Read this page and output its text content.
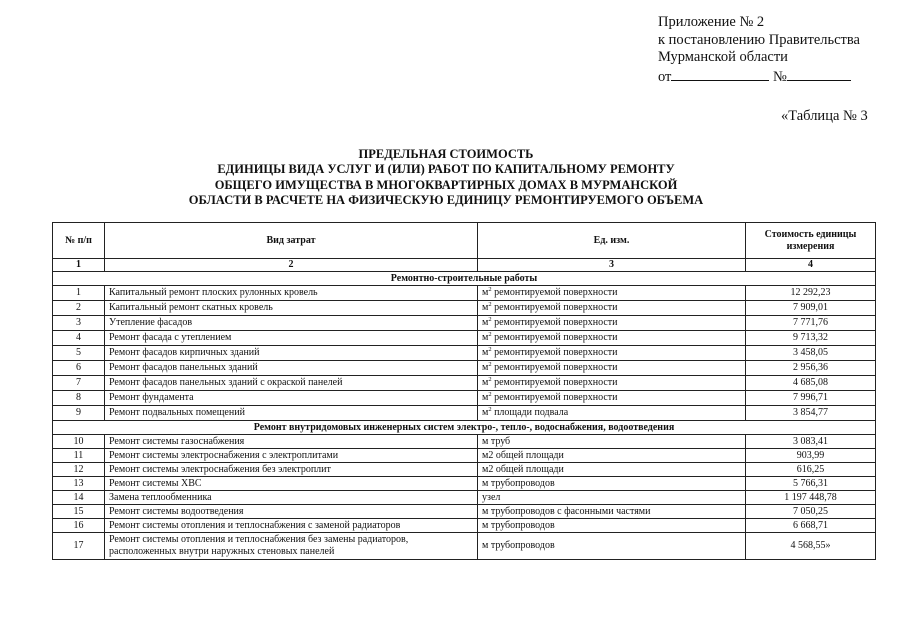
Приложение № 2
к постановлению Правительства
Мурманской области
от	№
«Таблица № 3
ПРЕДЕЛЬНАЯ СТОИМОСТЬ
ЕДИНИЦЫ ВИДА УСЛУГ И (ИЛИ) РАБОТ ПО КАПИТАЛЬНОМУ РЕМОНТУ
ОБЩЕГО ИМУЩЕСТВА В МНОГОКВАРТИРНЫХ ДОМАХ В МУРМАНСКОЙ
ОБЛАСТИ В РАСЧЕТЕ НА ФИЗИЧЕСКУЮ ЕДИНИЦУ РЕМОНТИРУЕМОГО ОБЪЕМА
№ п/п	Вид затрат	Ед. изм.	Стоимость единицы измерения
1	2	3	4
Ремонтно-строительные работы			
1	Капитальный ремонт плоских рулонных кровель	$м^2$ ремонтируемой поверхности	12 292,23
2	Капитальный ремонт скатных кровель	$м^2$ ремонтируемой поверхности	7 909,01
3	Утепление фасадов	$м^2$ ремонтируемой поверхности	7 771,76
4	Ремонт фасада с утеплением	$м^2$ ремонтируемой поверхности	9 713,32
5	Ремонт фасадов кирпичных зданий	$м^2$ ремонтируемой поверхности	3 458,05
6	Ремонт фасадов панельных зданий	$м^2$ ремонтируемой поверхности	2 956,36
7	Ремонт фасадов панельных зданий с окраской панелей	$м^2$ ремонтируемой поверхности	4 685,08
8	Ремонт фундамента	$м^2$ ремонтируемой поверхности	7 996,71
9	Ремонт подвальных помещений	$м^2$ площади подвала	3 854,77
Ремонт внутридомовых инженерных систем электро-, тепло-, водоснабжения, водоотведения			
10	Ремонт системы газоснабжения	м труб	3 083,41
11	Ремонт системы электроснабжения с электроплитами	м2 общей площади	903,99
12	Ремонт системы электроснабжения без электроплит	м2 общей площади	616,25
13	Ремонт системы ХВС	м трубопроводов	5 766,31
14	Замена теплообменника	узел	1 197 448,78
15	Ремонт системы водоотведения	м трубопроводов с фасонными частями	7 050,25
16	Ремонт системы отопления и теплоснабжения с заменой радиаторов	м трубопроводов	6 668,71
17	Ремонт системы отопления и теплоснабжения без замены радиаторов, расположенных внутри наружных стеновых панелей	м трубопроводов	4 568,55»
